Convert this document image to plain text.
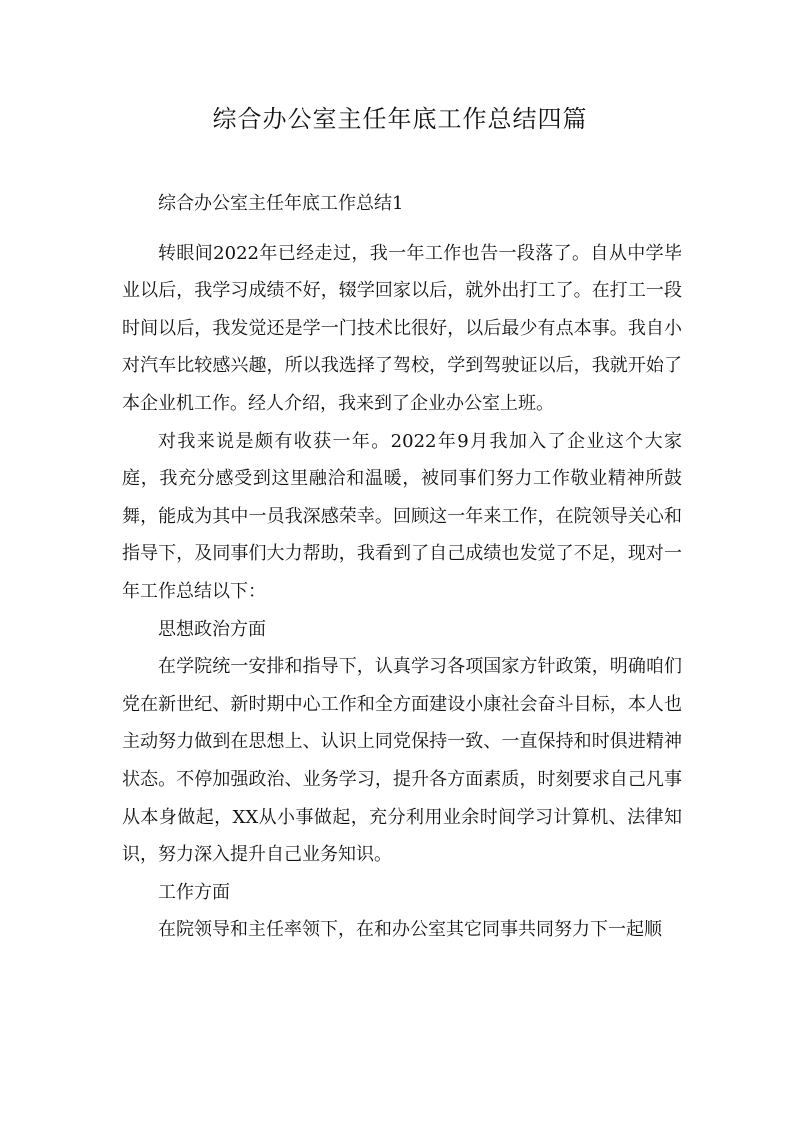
综合办公室主任年底工作总结四篇

综合办公室主任年底工作总结1

转眼间2022年已经走过，我一年工作也告一段落了。自从中学毕业以后，我学习成绩不好，辍学回家以后，就外出打工了。在打工一段时间以后，我发觉还是学一门技术比很好，以后最少有点本事。我自小对汽车比较感兴趣，所以我选择了驾校，学到驾驶证以后，我就开始了本企业机工作。经人介绍，我来到了企业办公室上班。

对我来说是颇有收获一年。2022年9月我加入了企业这个大家庭，我充分感受到这里融洽和温暖，被同事们努力工作敬业精神所鼓舞，能成为其中一员我深感荣幸。回顾这一年来工作，在院领导关心和指导下，及同事们大力帮助，我看到了自己成绩也发觉了不足，现对一年工作总结以下：

思想政治方面

在学院统一安排和指导下，认真学习各项国家方针政策，明确咱们党在新世纪、新时期中心工作和全方面建设小康社会奋斗目标，本人也主动努力做到在思想上、认识上同党保持一致、一直保持和时俱进精神状态。不停加强政治、业务学习，提升各方面素质，时刻要求自己凡事从本身做起，XX从小事做起，充分利用业余时间学习计算机、法律知识，努力深入提升自己业务知识。

工作方面

在院领导和主任率领下，在和办公室其它同事共同努力下一起顺
